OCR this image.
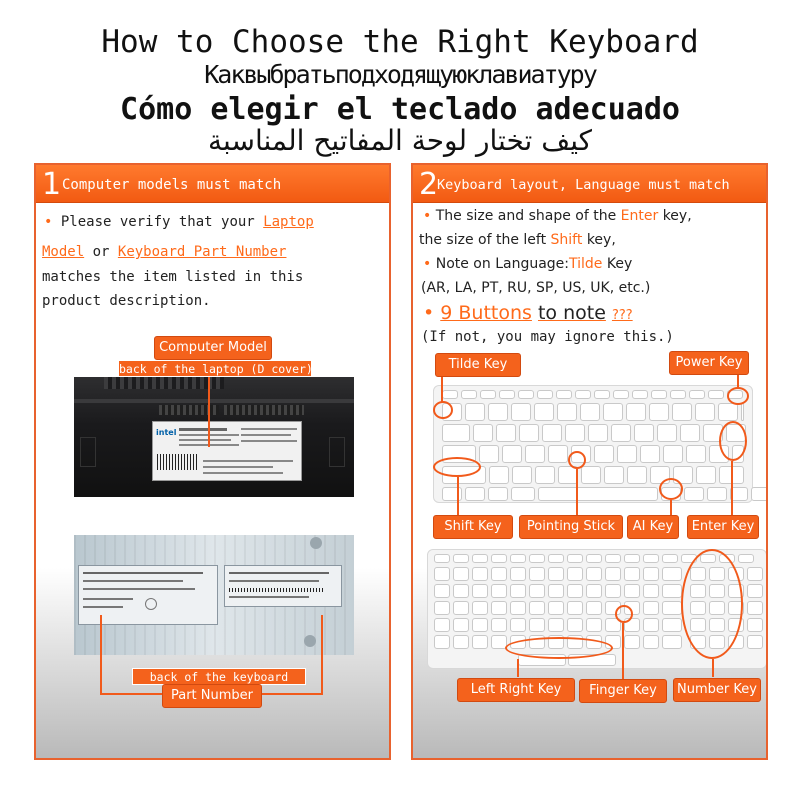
How to Choose the Right Keyboard
Каквыбратьподходящуюклавиатуру
Cómo elegir el teclado adecuado
كيف تختار لوحة المفاتيح المناسبة
1 Computer models must match
• Please verify that your Laptop
Model or Keyboard Part Number
matches the item listed in this
product description.
intel
Computer Model
back of the laptop (D cover)
back of the keyboard
Part Number
2
Keyboard layout, Language must match
• The size and shape of the Enter key,
the size of the left Shift key,
• Note on Language:Tilde Key
(AR, LA, PT, RU, SP, US, UK, etc.)
• 9 Buttons to note ???
(If not, you may ignore this.)
Tilde Key	Power Key
Shift Key	Pointing Stick	AI Key	Enter Key
Left Right Key	Finger Key	Number Key
